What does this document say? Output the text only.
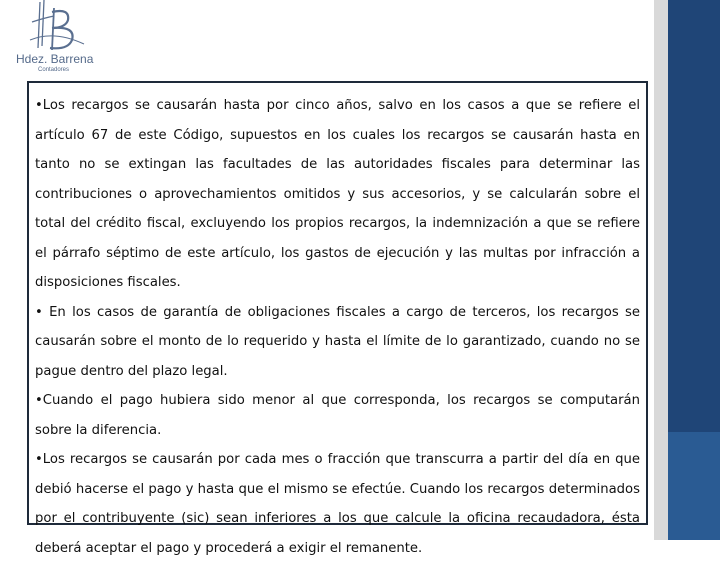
Hdez. Barrena
Contadores

•Los recargos se causarán hasta por cinco años, salvo en los casos a que se refiere el artículo 67 de este Código, supuestos en los cuales los recargos se causarán hasta en tanto no se extingan las facultades de las autoridades fiscales para determinar las contribuciones o aprovechamientos omitidos y sus accesorios, y se calcularán sobre el total del crédito fiscal, excluyendo los propios recargos, la indemnización a que se refiere el párrafo séptimo de este artículo, los gastos de ejecución y las multas por infracción a disposiciones fiscales.

• En los casos de garantía de obligaciones fiscales a cargo de terceros, los recargos se causarán sobre el monto de lo requerido y hasta el límite de lo garantizado, cuando no se pague dentro del plazo legal.

•Cuando el pago hubiera sido menor al que corresponda, los recargos se computarán sobre la diferencia.

•Los recargos se causarán por cada mes o fracción que transcurra a partir del día en que debió hacerse el pago y hasta que el mismo se efectúe. Cuando los recargos determinados por el contribuyente (sic) sean inferiores a los que calcule la oficina recaudadora, ésta deberá aceptar el pago y procederá a exigir el remanente.
